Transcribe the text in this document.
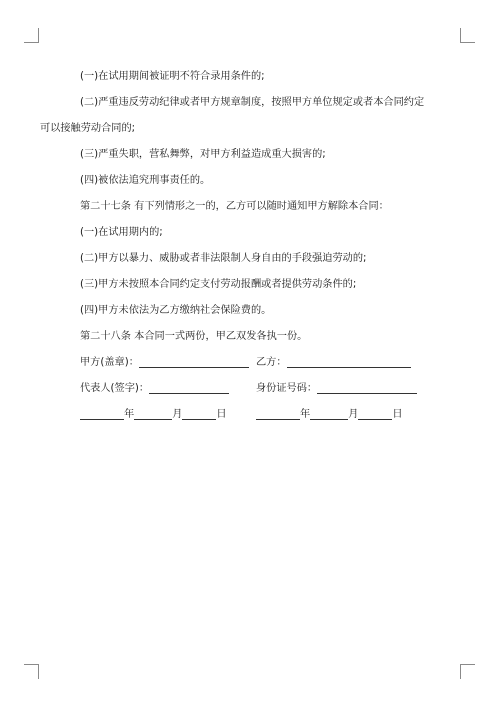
(一)在试用期间被证明不符合录用条件的;

(二)严重违反劳动纪律或者甲方规章制度，按照甲方单位规定或者本合同约定可以接触劳动合同的;

(三)严重失职，营私舞弊，对甲方利益造成重大损害的;

(四)被依法追究刑事责任的。

第二十七条 有下列情形之一的，乙方可以随时通知甲方解除本合同：

(一)在试用期内的;

(二)甲方以暴力、威胁或者非法限制人身自由的手段强迫劳动的;

(三)甲方未按照本合同约定支付劳动报酬或者提供劳动条件的;

(四)甲方未依法为乙方缴纳社会保险费的。

第二十八条 本合同一式两份，甲乙双发各执一份。

甲方(盖章)：	乙方：
代表人(签字)：	身份证号码：
年	月	日	年	月	日
